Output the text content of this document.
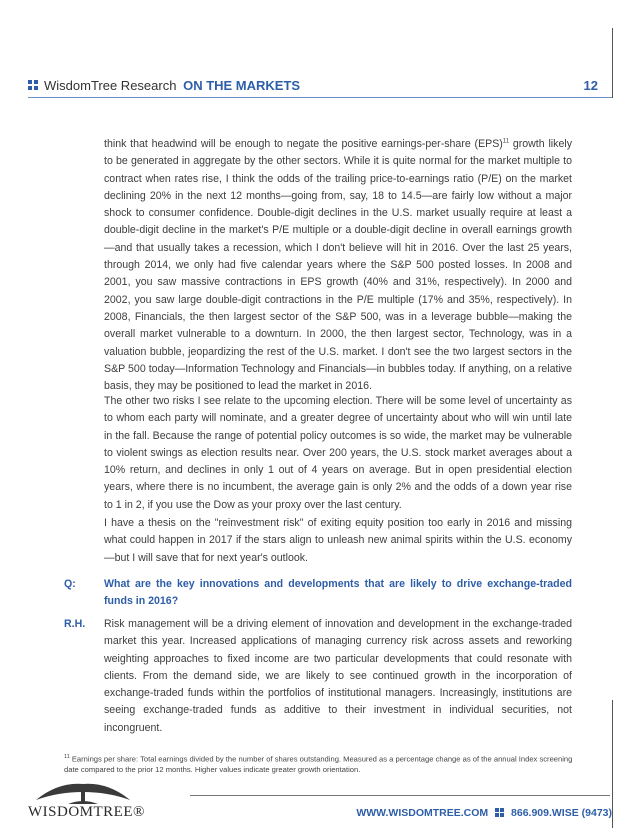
WisdomTree Research ON THE MARKETS	12

think that headwind will be enough to negate the positive earnings-per-share (EPS)$^{11}$ growth likely to be generated in aggregate by the other sectors. While it is quite normal for the market multiple to contract when rates rise, I think the odds of the trailing price-to-earnings ratio (P/E) on the market declining 20% in the next 12 months—going from, say, 18 to 14.5—are fairly low without a major shock to consumer confidence. Double-digit declines in the U.S. market usually require at least a double-digit decline in the market's P/E multiple or a double-digit decline in overall earnings growth—and that usually takes a recession, which I don't believe will hit in 2016. Over the last 25 years, through 2014, we only had five calendar years where the S&P 500 posted losses. In 2008 and 2001, you saw massive contractions in EPS growth (40% and 31%, respectively). In 2000 and 2002, you saw large double-digit contractions in the P/E multiple (17% and 35%, respectively). In 2008, Financials, the then largest sector of the S&P 500, was in a leverage bubble—making the overall market vulnerable to a downturn. In 2000, the then largest sector, Technology, was in a valuation bubble, jeopardizing the rest of the U.S. market. I don't see the two largest sectors in the S&P 500 today—Information Technology and Financials—in bubbles today. If anything, on a relative basis, they may be positioned to lead the market in 2016.

The other two risks I see relate to the upcoming election. There will be some level of uncertainty as to whom each party will nominate, and a greater degree of uncertainty about who will win until late in the fall. Because the range of potential policy outcomes is so wide, the market may be vulnerable to violent swings as election results near. Over 200 years, the U.S. stock market averages about a 10% return, and declines in only 1 out of 4 years on average. But in open presidential election years, where there is no incumbent, the average gain is only 2% and the odds of a down year rise to 1 in 2, if you use the Dow as your proxy over the last century.

I have a thesis on the "reinvestment risk" of exiting equity position too early in 2016 and missing what could happen in 2017 if the stars align to unleash new animal spirits within the U.S. economy—but I will save that for next year's outlook.

Q:	What are the key innovations and developments that are likely to drive exchange-traded funds in 2016?
R.H.	Risk management will be a driving element of innovation and development in the exchange-traded market this year. Increased applications of managing currency risk across assets and reworking weighting approaches to fixed income are two particular developments that could resonate with clients. From the demand side, we are likely to see continued growth in the incorporation of exchange-traded funds within the portfolios of institutional managers. Increasingly, institutions are seeing exchange-traded funds as additive to their investment in individual securities, not incongruent.
$^{11}$ Earnings per share: Total earnings divided by the number of shares outstanding. Measured as a percentage change as of the annual Index screening date compared to the prior 12 months. Higher values indicate greater growth orientation.
WISDOMTREE®	WWW.WISDOMTREE.COM 866.909.WISE (9473)
